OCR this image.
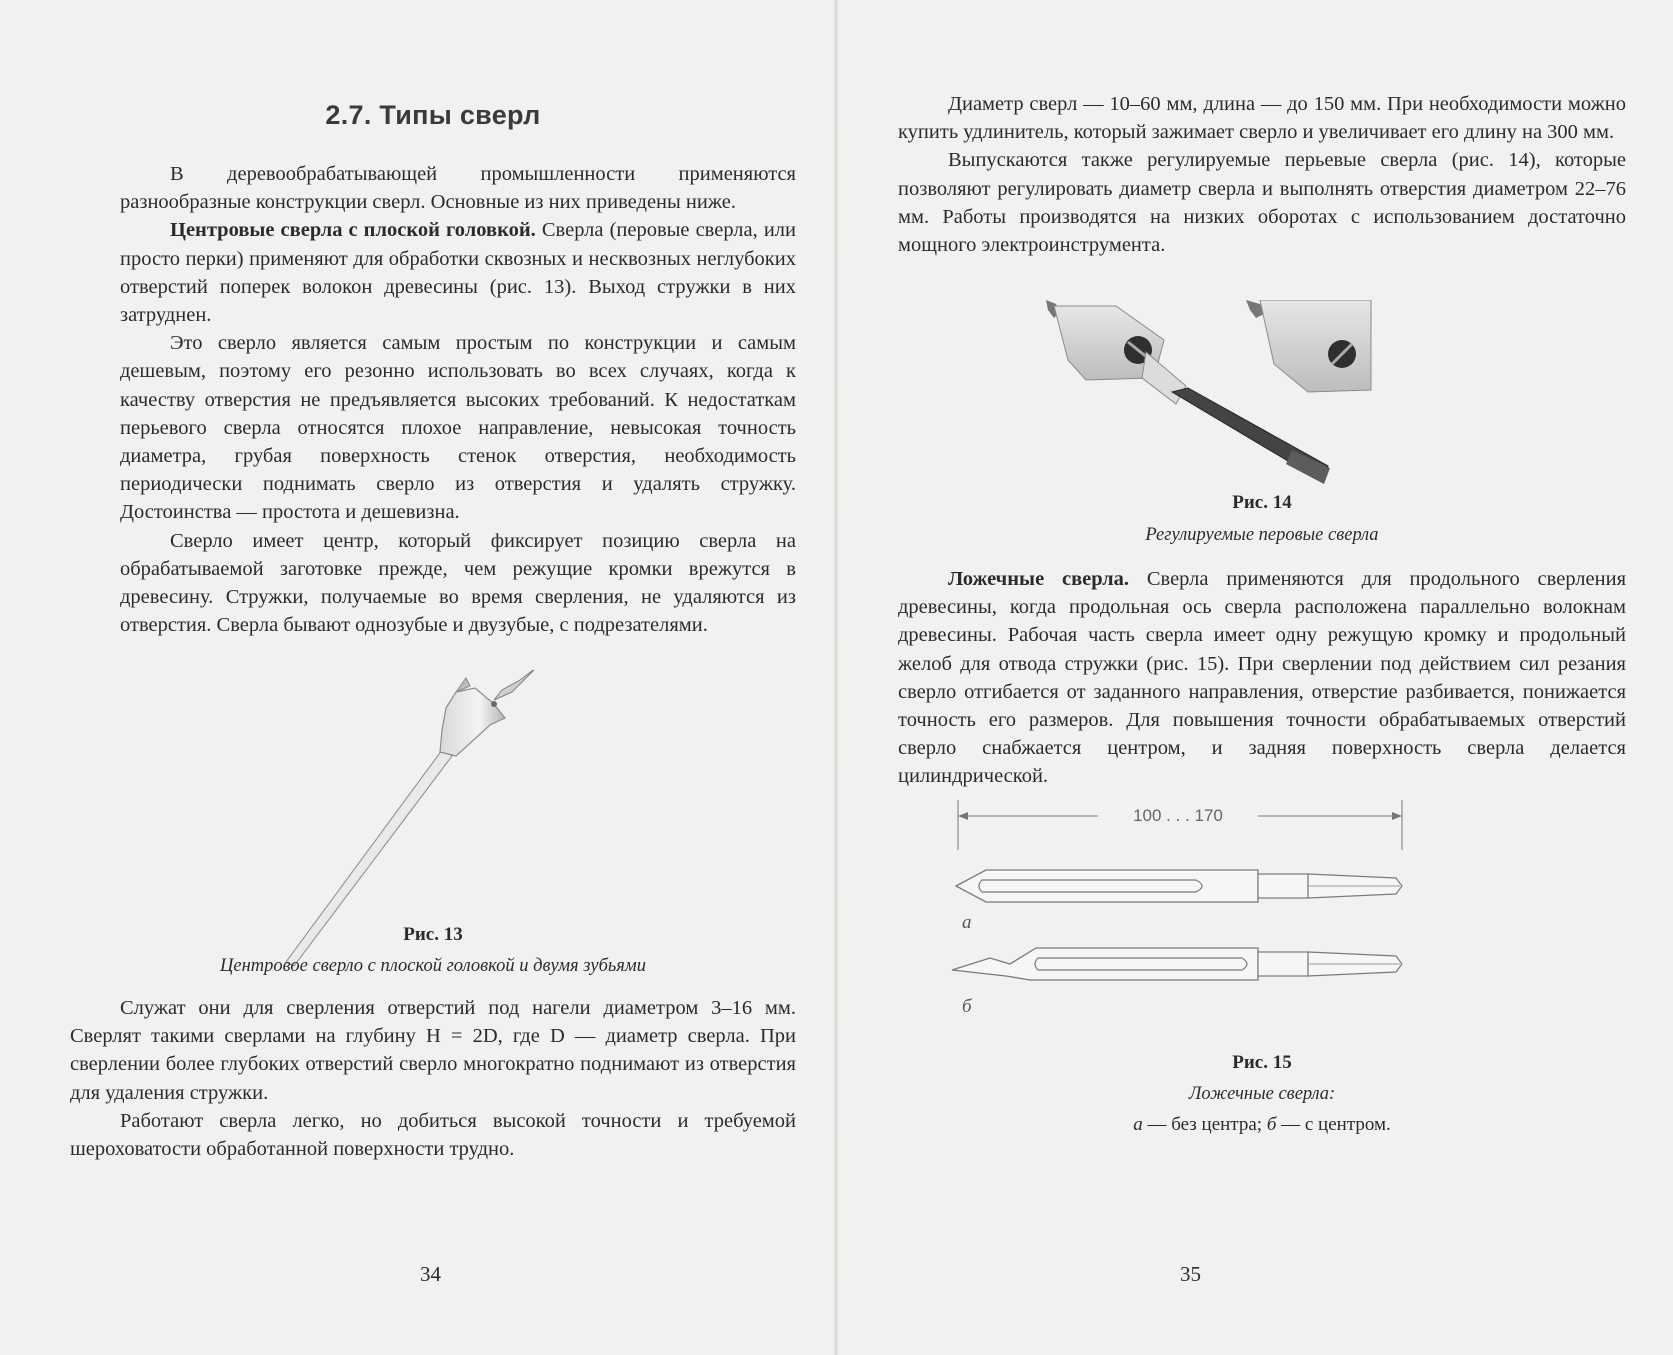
2.7. Типы сверл

В деревообрабатывающей промышленности применяются разнообразные конструкции сверл. Основные из них приведены ниже.

Центровые сверла с плоской головкой. Сверла (перовые сверла, или просто перки) применяют для обработки сквозных и несквозных неглубоких отверстий поперек волокон древесины (рис. 13). Выход стружки в них затруднен.

Это сверло является самым простым по конструкции и самым дешевым, поэтому его резонно использовать во всех случаях, когда к качеству отверстия не предъявляется высоких требований. К недостаткам перьевого сверла относятся плохое направление, невысокая точность диаметра, грубая поверхность стенок отверстия, необходимость периодически поднимать сверло из отверстия и удалять стружку. Достоинства — простота и дешевизна.

Сверло имеет центр, который фиксирует позицию сверла на обрабатываемой заготовке прежде, чем режущие кромки врежутся в древесину. Стружки, получаемые во время сверления, не удаляются из отверстия. Сверла бывают однозубые и двузубые, с подрезателями.

Рис. 13
Центровое сверло с плоской головкой и двумя зубьями

Служат они для сверления отверстий под нагели диаметром 3–16 мм. Сверлят такими сверлами на глубину H = 2D, где D — диаметр сверла. При сверлении более глубоких отверстий сверло многократно поднимают из отверстия для удаления стружки.

Работают сверла легко, но добиться высокой точности и требуемой шероховатости обработанной поверхности трудно.

34

Диаметр сверл — 10–60 мм, длина — до 150 мм. При необходимости можно купить удлинитель, который зажимает сверло и увеличивает его длину на 300 мм.

Выпускаются также регулируемые перьевые сверла (рис. 14), которые позволяют регулировать диаметр сверла и выполнять отверстия диаметром 22–76 мм. Работы производятся на низких оборотах с использованием достаточно мощного электроинструмента.

Рис. 14
Регулируемые перовые сверла

Ложечные сверла. Сверла применяются для продольного сверления древесины, когда продольная ось сверла расположена параллельно волокнам древесины. Рабочая часть сверла имеет одну режущую кромку и продольный желоб для отвода стружки (рис. 15). При сверлении под действием сил резания сверло отгибается от заданного направления, отверстие разбивается, понижается точность его размеров. Для повышения точности обрабатываемых отверстий сверло снабжается центром, и задняя поверхность сверла делается цилиндрической.

100 . . . 170
а
б
Рис. 15
Ложечные сверла:
а — без центра; б — с центром.
35
